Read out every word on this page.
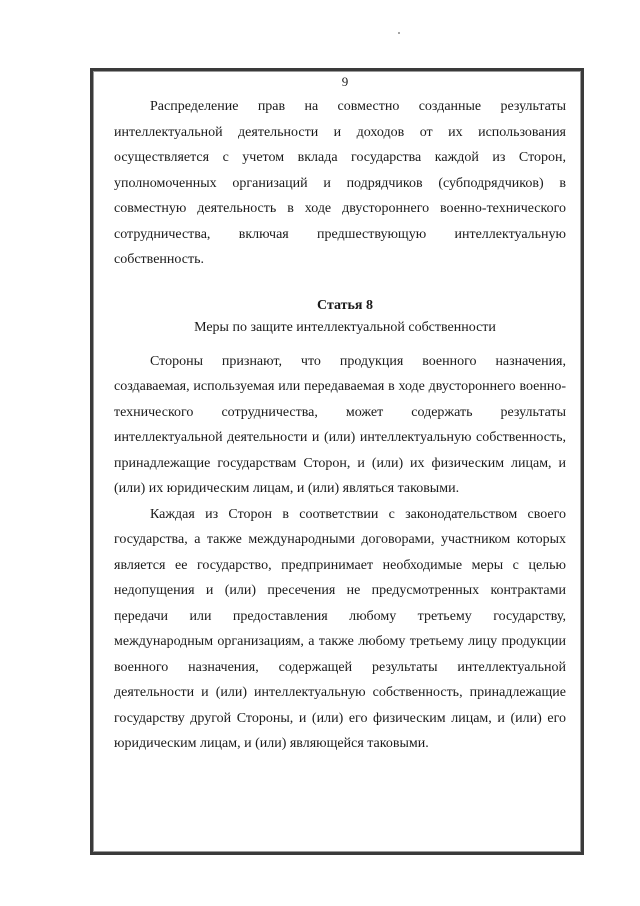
9

Распределение прав на совместно созданные результаты интеллектуальной деятельности и доходов от их использования осуществляется с учетом вклада государства каждой из Сторон, уполномоченных организаций и подрядчиков (субподрядчиков) в совместную деятельность в ходе двустороннего военно-технического сотрудничества, включая предшествующую интеллектуальную собственность.

Статья 8
Меры по защите интеллектуальной собственности

Стороны признают, что продукция военного назначения, создаваемая, используемая или передаваемая в ходе двустороннего военно-технического сотрудничества, может содержать результаты интеллектуальной деятельности и (или) интеллектуальную собственность, принадлежащие государствам Сторон, и (или) их физическим лицам, и (или) их юридическим лицам, и (или) являться таковыми.

Каждая из Сторон в соответствии с законодательством своего государства, а также международными договорами, участником которых является ее государство, предпринимает необходимые меры с целью недопущения и (или) пресечения не предусмотренных контрактами передачи или предоставления любому третьему государству, международным организациям, а также любому третьему лицу продукции военного назначения, содержащей результаты интеллектуальной деятельности и (или) интеллектуальную собственность, принадлежащие государству другой Стороны, и (или) его физическим лицам, и (или) его юридическим лицам, и (или) являющейся таковыми.
